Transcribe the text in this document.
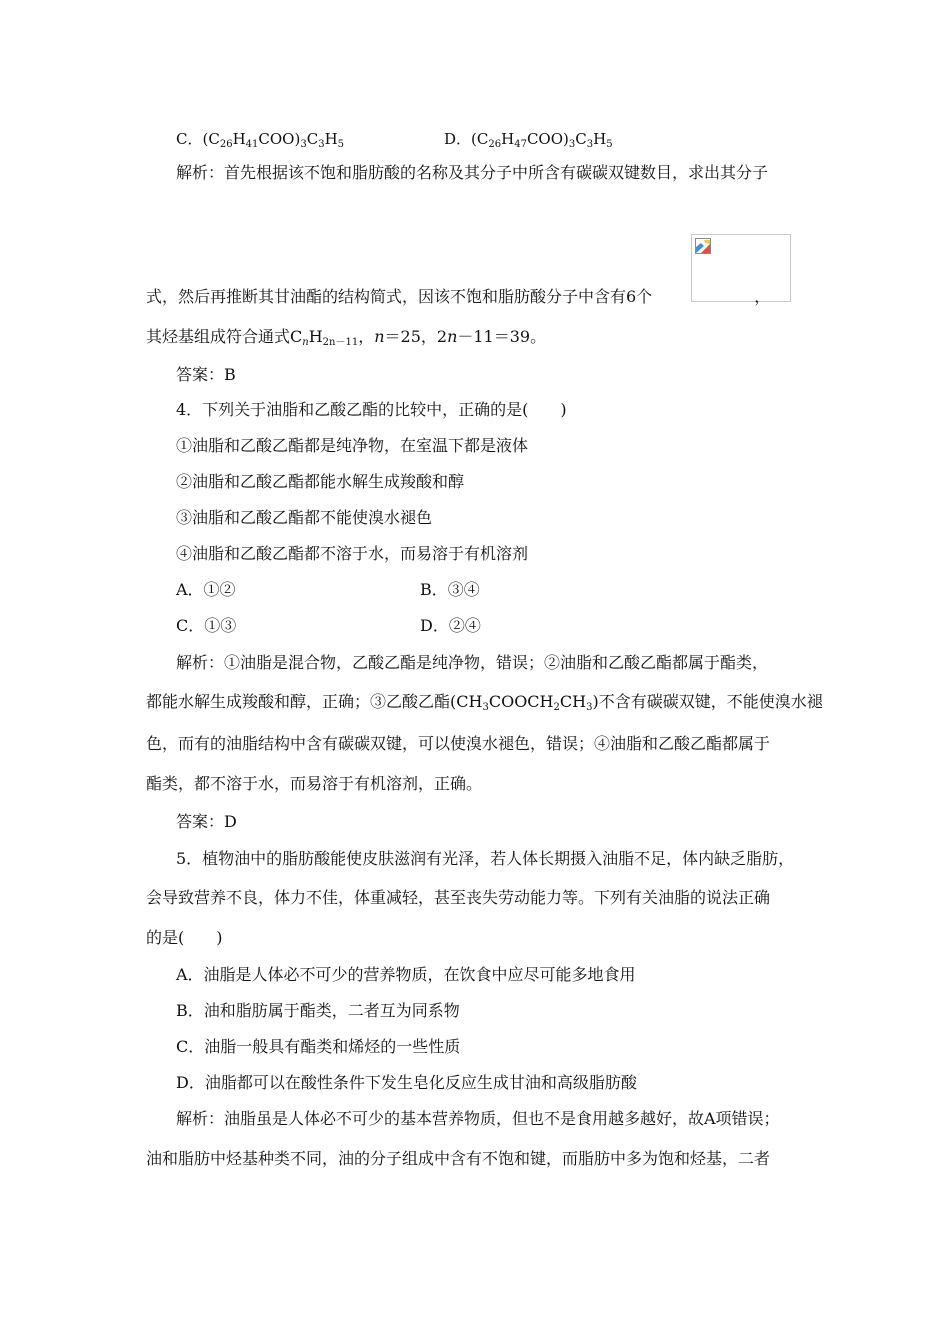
C．$(C_{26}H_{41}COO)_3C_3H_5$	D．$(C_{26}H_{47}COO)_3C_3H_5$
解析：首先根据该不饱和脂肪酸的名称及其分子中所含有碳碳双键数目，求出其分子
式，然后再推断其甘油酯的结构简式，因该不饱和脂肪酸分子中含有6个	，
其烃基组成符合通式$C_nH_{2n-11}$，n＝25，2n－11＝39。
答案：B
4．下列关于油脂和乙酸乙酯的比较中，正确的是(　　)
①油脂和乙酸乙酯都是纯净物，在室温下都是液体
②油脂和乙酸乙酯都能水解生成羧酸和醇
③油脂和乙酸乙酯都不能使溴水褪色
④油脂和乙酸乙酯都不溶于水，而易溶于有机溶剂
A．①②	B．③④
C．①③	D．②④
解析：①油脂是混合物，乙酸乙酯是纯净物，错误；②油脂和乙酸乙酯都属于酯类，
都能水解生成羧酸和醇，正确；③乙酸乙酯$(CH_3COOCH_2CH_3)$不含有碳碳双键，不能使溴水褪
色，而有的油脂结构中含有碳碳双键，可以使溴水褪色，错误；④油脂和乙酸乙酯都属于
酯类，都不溶于水，而易溶于有机溶剂，正确。
答案：D
5．植物油中的脂肪酸能使皮肤滋润有光泽，若人体长期摄入油脂不足，体内缺乏脂肪，
会导致营养不良，体力不佳，体重减轻，甚至丧失劳动能力等。下列有关油脂的说法正确
的是(　　)
A．油脂是人体必不可少的营养物质，在饮食中应尽可能多地食用
B．油和脂肪属于酯类，二者互为同系物
C．油脂一般具有酯类和烯烃的一些性质
D．油脂都可以在酸性条件下发生皂化反应生成甘油和高级脂肪酸
解析：油脂虽是人体必不可少的基本营养物质，但也不是食用越多越好，故A项错误；
油和脂肪中烃基种类不同，油的分子组成中含有不饱和键，而脂肪中多为饱和烃基，二者
